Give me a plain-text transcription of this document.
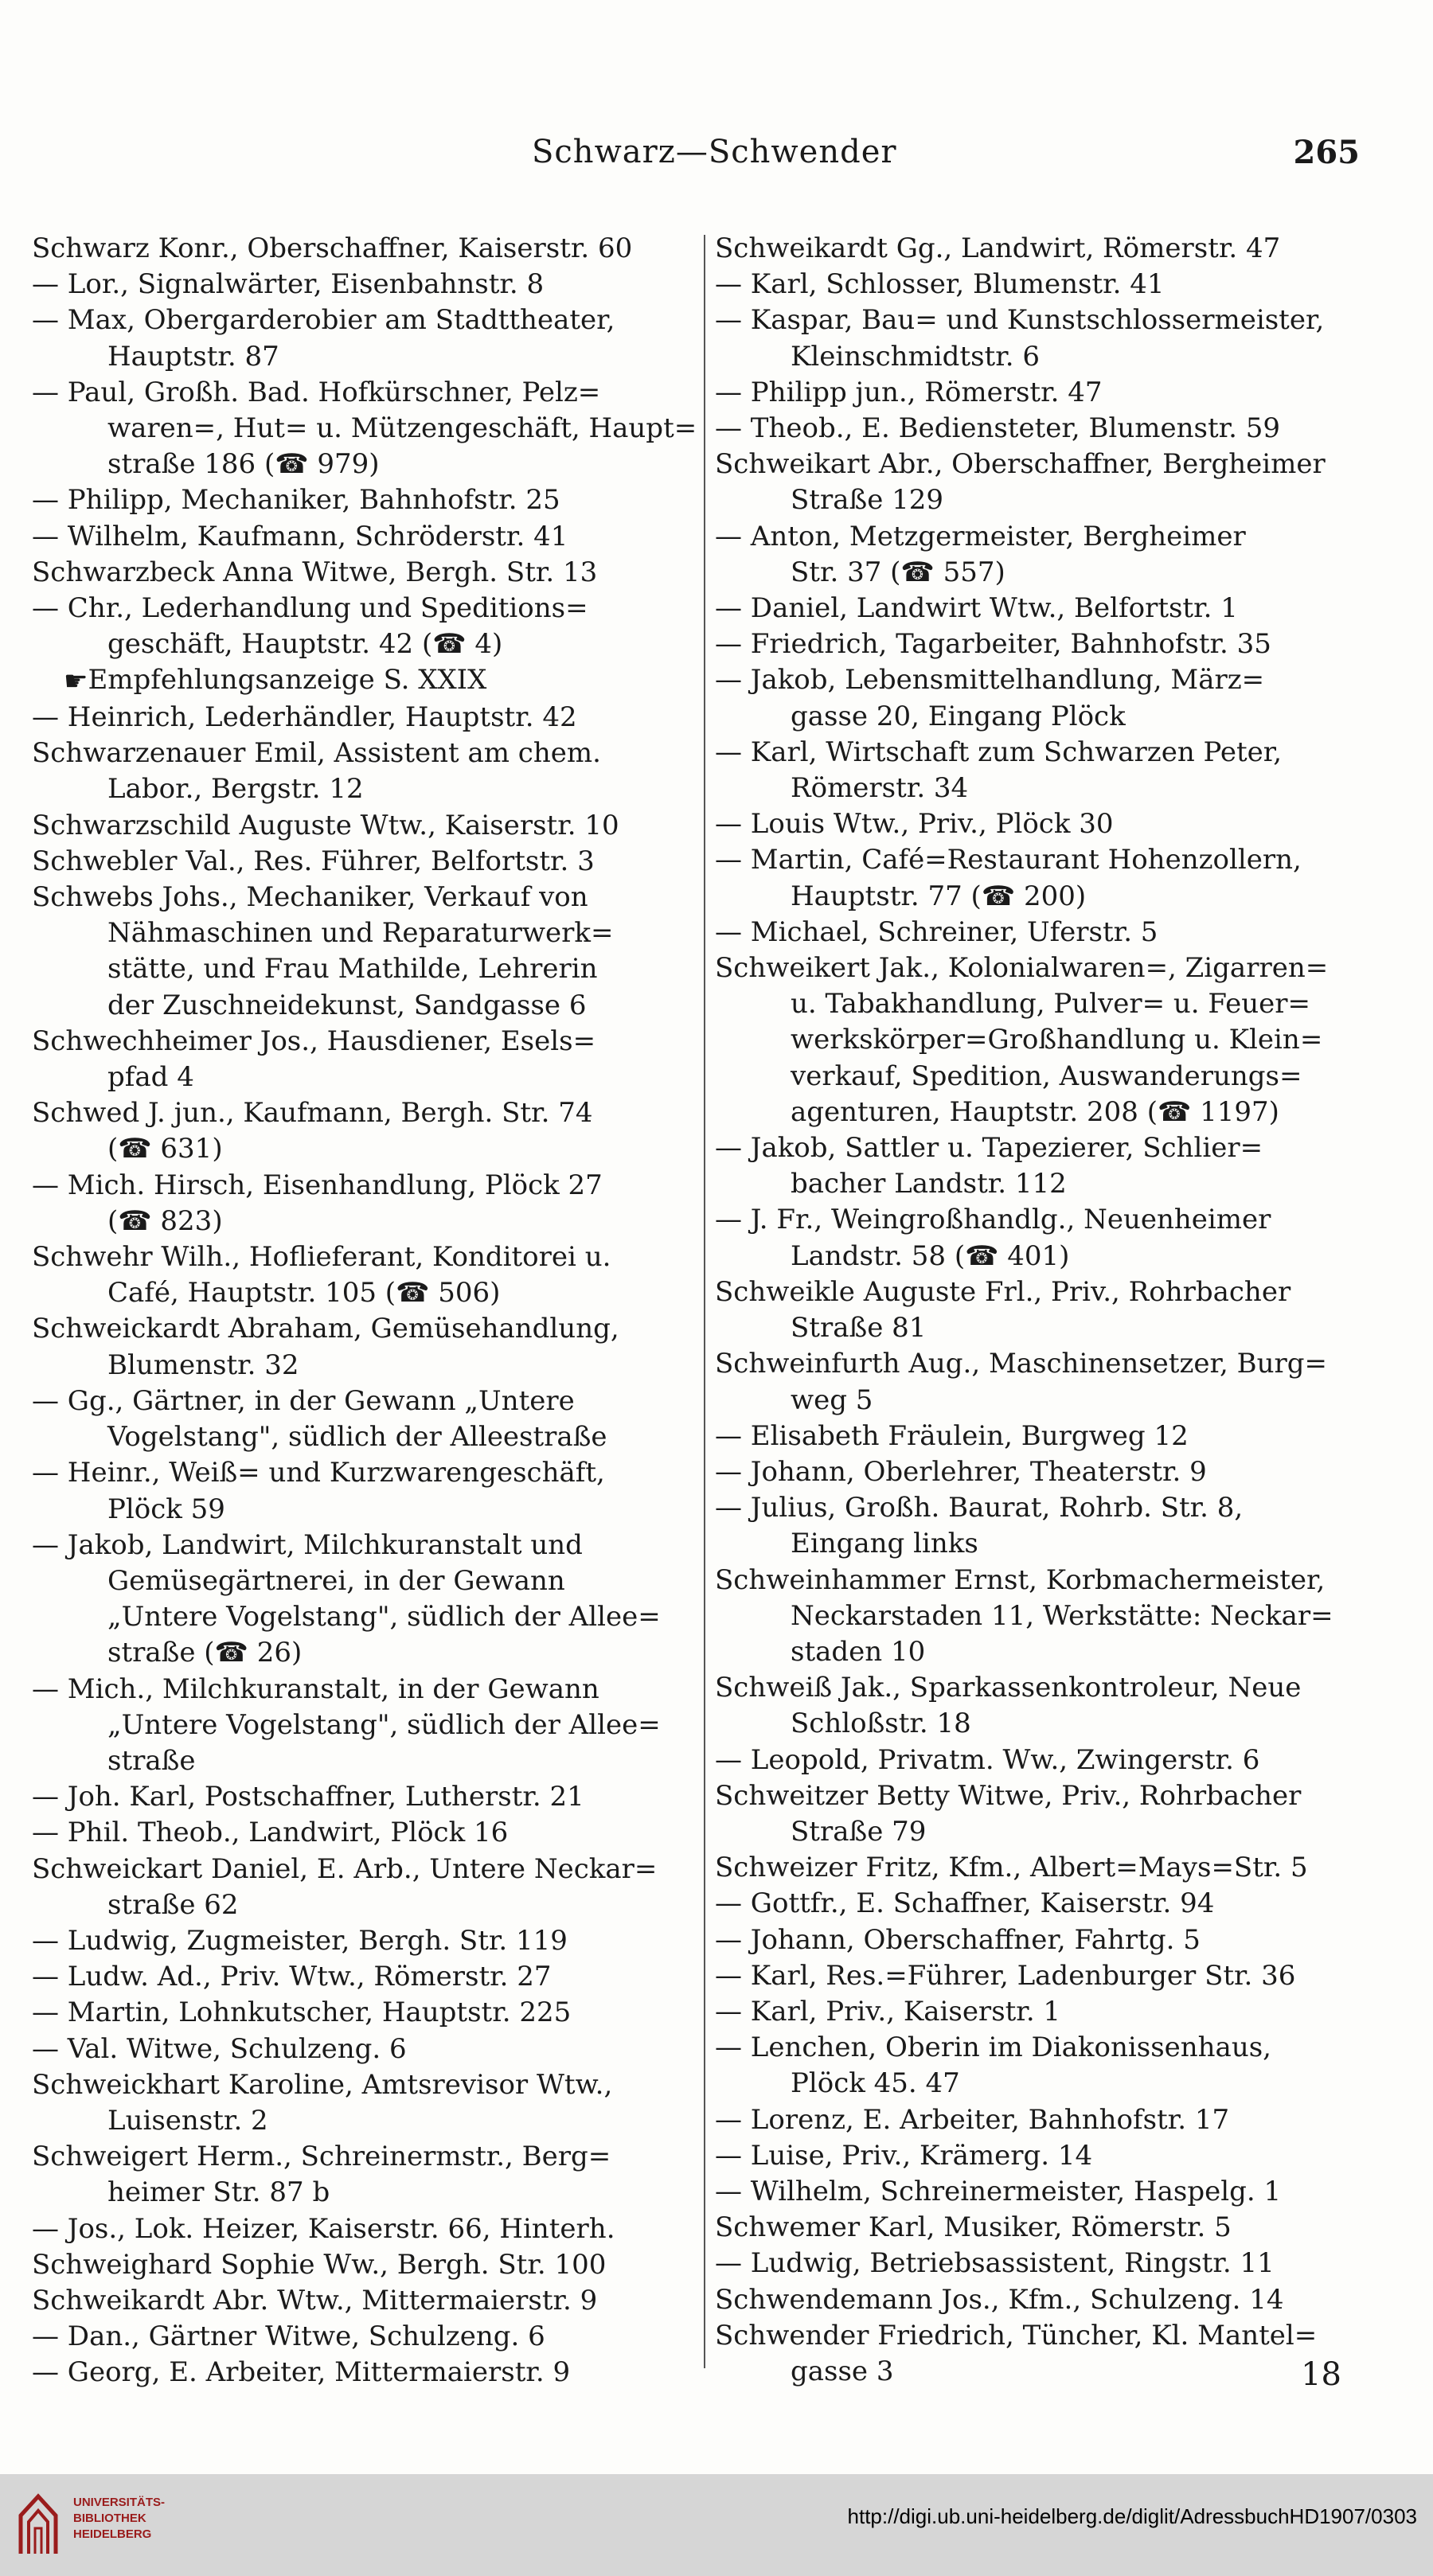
Schwarz—Schwender	265
Schwarz Konr., Oberschaffner, Kaiserstr. 60
— Lor., Signalwärter, Eisenbahnstr. 8
— Max, Obergarderobier am Stadttheater,
Hauptstr. 87
— Paul, Großh. Bad. Hofkürschner, Pelz=
waren=, Hut= u. Mützengeschäft, Haupt=
straße 186 (☎ 979)
— Philipp, Mechaniker, Bahnhofstr. 25
— Wilhelm, Kaufmann, Schröderstr. 41
Schwarzbeck Anna Witwe, Bergh. Str. 13
— Chr., Lederhandlung und Speditions=
geschäft, Hauptstr. 42 (☎ 4)
☛Empfehlungsanzeige S. XXIX
— Heinrich, Lederhändler, Hauptstr. 42
Schwarzenauer Emil, Assistent am chem.
Labor., Bergstr. 12
Schwarzschild Auguste Wtw., Kaiserstr. 10
Schwebler Val., Res. Führer, Belfortstr. 3
Schwebs Johs., Mechaniker, Verkauf von
Nähmaschinen und Reparaturwerk=
stätte, und Frau Mathilde, Lehrerin
der Zuschneidekunst, Sandgasse 6
Schwechheimer Jos., Hausdiener, Esels=
pfad 4
Schwed J. jun., Kaufmann, Bergh. Str. 74
(☎ 631)
— Mich. Hirsch, Eisenhandlung, Plöck 27
(☎ 823)
Schwehr Wilh., Hoflieferant, Konditorei u.
Café, Hauptstr. 105 (☎ 506)
Schweickardt Abraham, Gemüsehandlung,
Blumenstr. 32
— Gg., Gärtner, in der Gewann „Untere
Vogelstang", südlich der Alleestraße
— Heinr., Weiß= und Kurzwarengeschäft,
Plöck 59
— Jakob, Landwirt, Milchkuranstalt und
Gemüsegärtnerei, in der Gewann
„Untere Vogelstang", südlich der Allee=
straße (☎ 26)
— Mich., Milchkuranstalt, in der Gewann
„Untere Vogelstang", südlich der Allee=
straße
— Joh. Karl, Postschaffner, Lutherstr. 21
— Phil. Theob., Landwirt, Plöck 16
Schweickart Daniel, E. Arb., Untere Neckar=
straße 62
— Ludwig, Zugmeister, Bergh. Str. 119
— Ludw. Ad., Priv. Wtw., Römerstr. 27
— Martin, Lohnkutscher, Hauptstr. 225
— Val. Witwe, Schulzeng. 6
Schweickhart Karoline, Amtsrevisor Wtw.,
Luisenstr. 2
Schweigert Herm., Schreinermstr., Berg=
heimer Str. 87 b
— Jos., Lok. Heizer, Kaiserstr. 66, Hinterh.
Schweighard Sophie Ww., Bergh. Str. 100
Schweikardt Abr. Wtw., Mittermaierstr. 9
— Dan., Gärtner Witwe, Schulzeng. 6
— Georg, E. Arbeiter, Mittermaierstr. 9
Schweikardt Gg., Landwirt, Römerstr. 47
— Karl, Schlosser, Blumenstr. 41
— Kaspar, Bau= und Kunstschlossermeister,
Kleinschmidtstr. 6
— Philipp jun., Römerstr. 47
— Theob., E. Bediensteter, Blumenstr. 59
Schweikart Abr., Oberschaffner, Bergheimer
Straße 129
— Anton, Metzgermeister, Bergheimer
Str. 37 (☎ 557)
— Daniel, Landwirt Wtw., Belfortstr. 1
— Friedrich, Tagarbeiter, Bahnhofstr. 35
— Jakob, Lebensmittelhandlung, März=
gasse 20, Eingang Plöck
— Karl, Wirtschaft zum Schwarzen Peter,
Römerstr. 34
— Louis Wtw., Priv., Plöck 30
— Martin, Café=Restaurant Hohenzollern,
Hauptstr. 77 (☎ 200)
— Michael, Schreiner, Uferstr. 5
Schweikert Jak., Kolonialwaren=, Zigarren=
u. Tabakhandlung, Pulver= u. Feuer=
werkskörper=Großhandlung u. Klein=
verkauf, Spedition, Auswanderungs=
agenturen, Hauptstr. 208 (☎ 1197)
— Jakob, Sattler u. Tapezierer, Schlier=
bacher Landstr. 112
— J. Fr., Weingroßhandlg., Neuenheimer
Landstr. 58 (☎ 401)
Schweikle Auguste Frl., Priv., Rohrbacher
Straße 81
Schweinfurth Aug., Maschinensetzer, Burg=
weg 5
— Elisabeth Fräulein, Burgweg 12
— Johann, Oberlehrer, Theaterstr. 9
— Julius, Großh. Baurat, Rohrb. Str. 8,
Eingang links
Schweinhammer Ernst, Korbmachermeister,
Neckarstaden 11, Werkstätte: Neckar=
staden 10
Schweiß Jak., Sparkassenkontroleur, Neue
Schloßstr. 18
— Leopold, Privatm. Ww., Zwingerstr. 6
Schweitzer Betty Witwe, Priv., Rohrbacher
Straße 79
Schweizer Fritz, Kfm., Albert=Mays=Str. 5
— Gottfr., E. Schaffner, Kaiserstr. 94
— Johann, Oberschaffner, Fahrtg. 5
— Karl, Res.=Führer, Ladenburger Str. 36
— Karl, Priv., Kaiserstr. 1
— Lenchen, Oberin im Diakonissenhaus,
Plöck 45. 47
— Lorenz, E. Arbeiter, Bahnhofstr. 17
— Luise, Priv., Krämerg. 14
— Wilhelm, Schreinermeister, Haspelg. 1
Schwemer Karl, Musiker, Römerstr. 5
— Ludwig, Betriebsassistent, Ringstr. 11
Schwendemann Jos., Kfm., Schulzeng. 14
Schwender Friedrich, Tüncher, Kl. Mantel=
gasse 3	18
UNIVERSITÄTS-
BIBLIOTHEK
HEIDELBERG
http://digi.ub.uni-heidelberg.de/diglit/AdressbuchHD1907/0303
